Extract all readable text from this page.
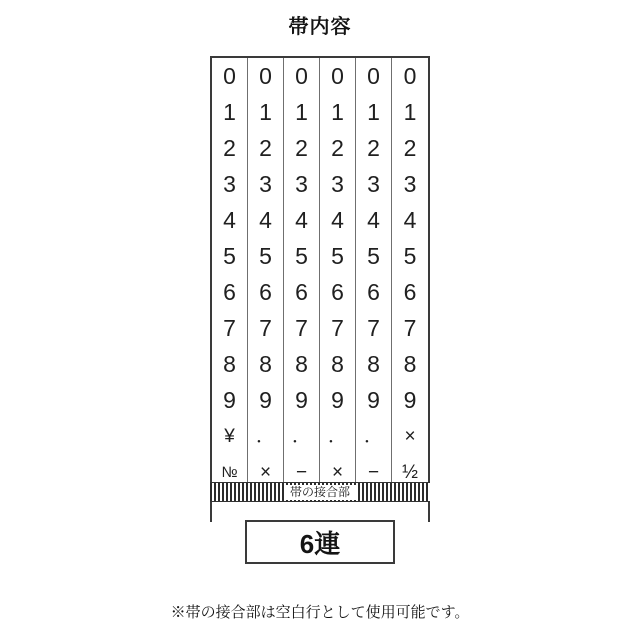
帯内容
0
1
2
3
4
5
6
7
8
9
¥
№
0
1
2
3
4
5
6
7
8
9
．
×
0
1
2
3
4
5
6
7
8
9
．
−
0
1
2
3
4
5
6
7
8
9
．
×
0
1
2
3
4
5
6
7
8
9
．
−
0
1
2
3
4
5
6
7
8
9
×
½
帯の接合部
6連
※帯の接合部は空白行として使用可能です。
